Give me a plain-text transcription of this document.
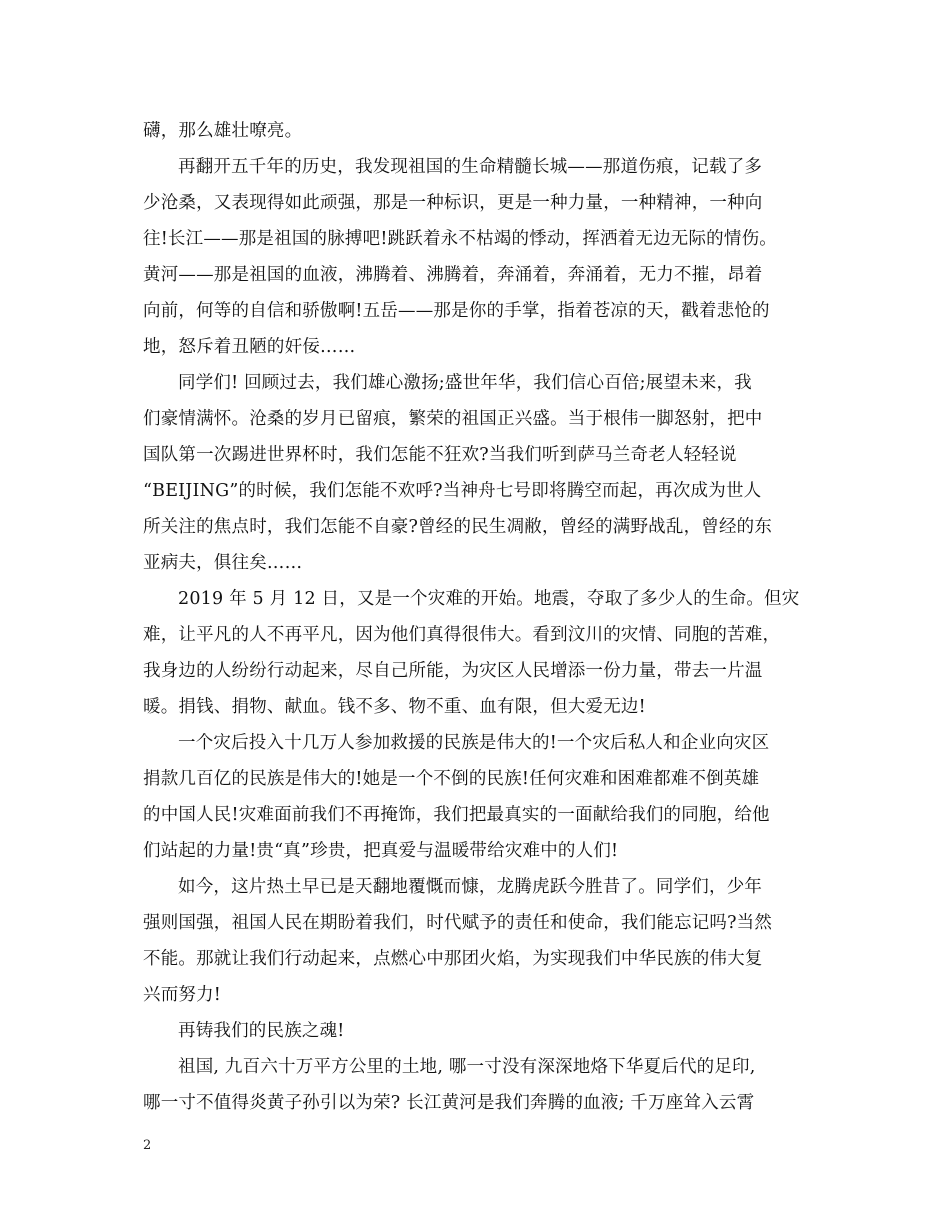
礴，那么雄壮嘹亮。
再翻开五千年的历史，我发现祖国的生命精髓长城——那道伤痕，记载了多
少沧桑，又表现得如此顽强，那是一种标识，更是一种力量，一种精神，一种向
往!长江——那是祖国的脉搏吧!跳跃着永不枯竭的悸动，挥洒着无边无际的情伤。
黄河——那是祖国的血液，沸腾着、沸腾着，奔涌着，奔涌着，无力不摧，昂着
向前，何等的自信和骄傲啊!五岳——那是你的手掌，指着苍凉的天，戳着悲怆的
地，怒斥着丑陋的奸佞……
同学们! 回顾过去，我们雄心激扬;盛世年华，我们信心百倍;展望未来，我
们豪情满怀。沧桑的岁月已留痕，繁荣的祖国正兴盛。当于根伟一脚怒射，把中
国队第一次踢进世界杯时，我们怎能不狂欢?当我们听到萨马兰奇老人轻轻说
“BEIJING”的时候，我们怎能不欢呼?当神舟七号即将腾空而起，再次成为世人
所关注的焦点时，我们怎能不自豪?曾经的民生凋敝，曾经的满野战乱，曾经的东
亚病夫，俱往矣……
2019 年 5 月 12 日，又是一个灾难的开始。地震，夺取了多少人的生命。但灾
难，让平凡的人不再平凡，因为他们真得很伟大。看到汶川的灾情、同胞的苦难，
我身边的人纷纷行动起来，尽自己所能，为灾区人民增添一份力量，带去一片温
暖。捐钱、捐物、献血。钱不多、物不重、血有限，但大爱无边!
一个灾后投入十几万人参加救援的民族是伟大的!一个灾后私人和企业向灾区
捐款几百亿的民族是伟大的!她是一个不倒的民族!任何灾难和困难都难不倒英雄
的中国人民!灾难面前我们不再掩饰，我们把最真实的一面献给我们的同胞，给他
们站起的力量!贵“真”珍贵，把真爱与温暖带给灾难中的人们!
如今，这片热土早已是天翻地覆慨而慷，龙腾虎跃今胜昔了。同学们，少年
强则国强，祖国人民在期盼着我们，时代赋予的责任和使命，我们能忘记吗?当然
不能。那就让我们行动起来，点燃心中那团火焰，为实现我们中华民族的伟大复
兴而努力!
再铸我们的民族之魂!
祖国, 九百六十万平方公里的土地, 哪一寸没有深深地烙下华夏后代的足印,
哪一寸不值得炎黄子孙引以为荣? 长江黄河是我们奔腾的血液; 千万座耸入云霄
2
